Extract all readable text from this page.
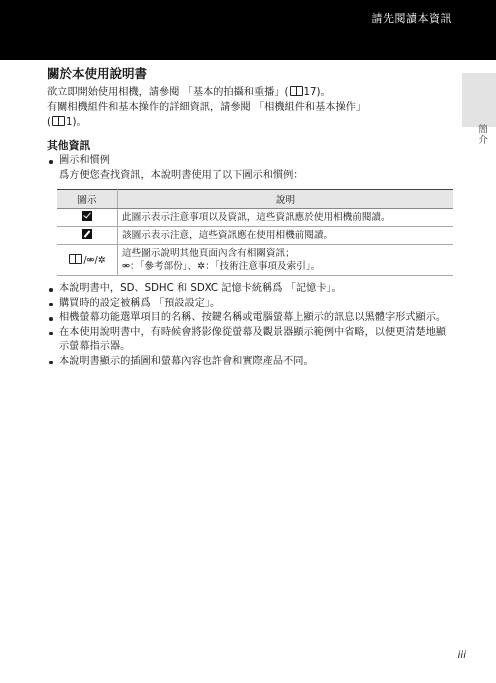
請先閱讀本資訊
簡介
關於本使用說明書

欲立即開始使用相機，請參閱 「基本的拍攝和重播」( 17)。

有關相機組件和基本操作的詳細資訊，請參閱 「相機組件和基本操作」
( 1)。

其他資訊
圖示和慣例
爲方便您查找資訊，本說明書使用了以下圖示和慣例：
圖示	說明
	此圖示表示注意事項以及資訊，這些資訊應於使用相機前閱讀。
	該圖示表示注意，這些資訊應在使用相機前閱讀。
/⚮/✲	這些圖示說明其他頁面內含有相關資訊；
⚮：「參考部份」、✲：「技術注意事項及索引」。
本說明書中，SD、SDHC 和 SDXC 記憶卡統稱爲 「記憶卡」。
購買時的設定被稱爲 「預設設定」。
相機螢幕功能選單項目的名稱、按鍵名稱或電腦螢幕上顯示的訊息以黑體字形式顯示。
在本使用說明書中，有時候會將影像從螢幕及觀景器顯示範例中省略，以便更清楚地顯示螢幕指示器。
本說明書顯示的插圖和螢幕內容也許會和實際產品不同。
iii
